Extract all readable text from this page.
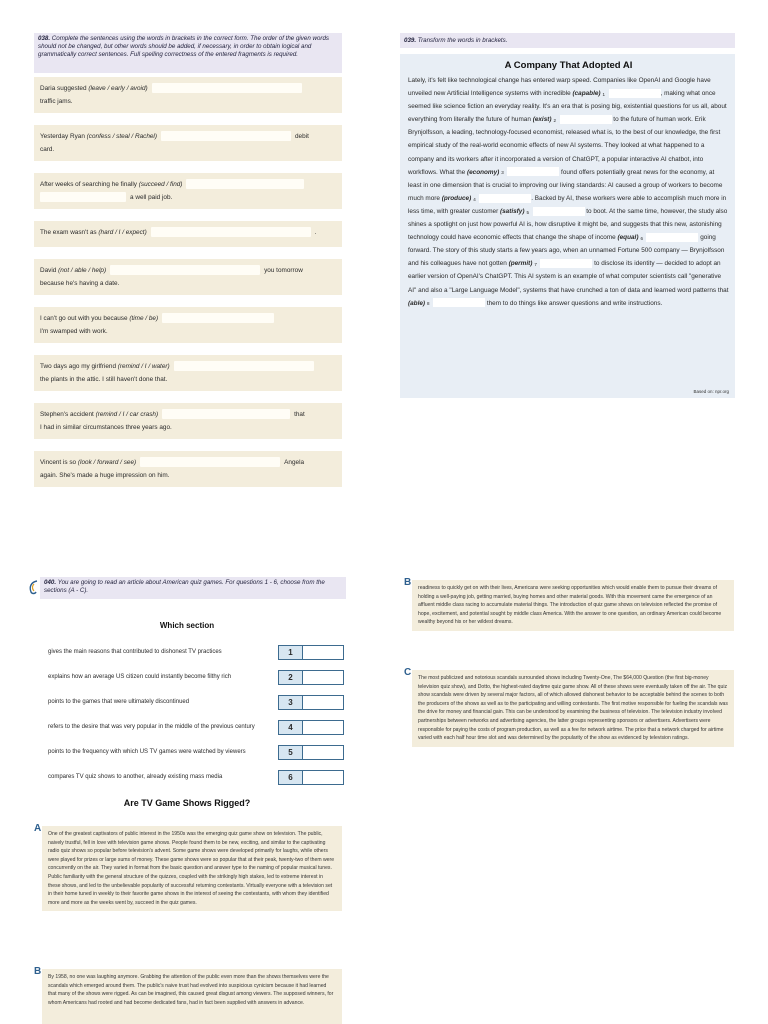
038. Complete the sentences using the words in brackets in the correct form. The order of the given words should not be changed, but other words should be added, if necessary, in order to obtain logical and grammatically correct sentences. Full spelling correctness of the entered fragments is required.
Daria suggested (leave / early / avoid)
traffic jams.
Yesterday Ryan (confess / steal / Rachel)	debit
card.
After weeks of searching he finally (succeed / find)
a well paid job.
The exam wasn't as (hard / I / expect)	.
David (not / able / help)	you tomorrow
because he's having a date.
I can't go out with you because (time / be)
I'm swamped with work.
Two days ago my girlfriend (remind / I / water)
the plants in the attic. I still haven't done that.
Stephen's accident (remind / I / car crash)	that
I had in similar circumstances three years ago.
Vincent is so (look / forward / see)	Angela
again. She's made a huge impression on him.
039. Transform the words in brackets.
A Company That Adopted AI
Lately, it's felt like technological change has entered warp speed. Companies like OpenAI and Google have unveiled new Artificial Intelligence systems with incredible (capable) 1	, making what once seemed like science fiction an everyday reality. It's an era that is posing big, existential questions for us all, about everything from literally the future of human (exist) 2	to the future of human work. Erik Brynjolfsson, a leading, technology-focused economist, released what is, to the best of our knowledge, the first empirical study of the real-world economic effects of new AI systems. They looked at what happened to a company and its workers after it incorporated a version of ChatGPT, a popular interactive AI chatbot, into workflows. What the (economy) 3	found offers potentially great news for the economy, at least in one dimension that is crucial to improving our living standards: AI caused a group of workers to become much more (produce) 4	. Backed by AI, these workers were able to accomplish much more in less time, with greater customer (satisfy) 5	to boot. At the same time, however, the study also shines a spotlight on just how powerful AI is, how disruptive it might be, and suggests that this new, astonishing technology could have economic effects that change the shape of income (equal) 6	going forward. The story of this study starts a few years ago, when an unnamed Fortune 500 company — Brynjolfsson and his colleagues have not gotten (permit) 7	to disclose its identity — decided to adopt an earlier version of OpenAI's ChatGPT. This AI system is an example of what computer scientists call "generative AI" and also a "Large Language Model", systems that have crunched a ton of data and learned word patterns that (able) 8	them to do things like answer questions and write instructions.
Based on: npr.org
040. You are going to read an article about American quiz games. For questions 1 - 6, choose from the sections (A - C).
Which section
gives the main reasons that contributed to dishonest TV practices	1
explains how an average US citizen could instantly become filthy rich	2
points to the games that were ultimately discontinued	3
refers to the desire that was very popular in the middle of the previous century	4
points to the frequency with which US TV games were watched by viewers	5
compares TV quiz shows to another, already existing mass media	6
Are TV Game Shows Rigged?
A	One of the greatest captivators of public interest in the 1950s was the emerging quiz game show on television. The public, naively trustful, fell in love with television game shows. People found them to be new, exciting, and similar to the captivating radio quiz shows so popular before television's advent. Some game shows were developed primarily for laughs, while others were played for prizes or large sums of money. These game shows were so popular that at their peak, twenty-two of them were concurrently on the air. They varied in format from the basic question and answer type to the naming of popular musical tunes. Public familiarity with the general structure of the quizzes, coupled with the strikingly high stakes, led to extreme interest in these shows, and led to the unbelievable popularity of successful returning contestants. Virtually everyone with a television set in their home tuned in weekly to their favorite game shows in the interest of seeing the contestants, with whom they identified more and more as the weeks went by, succeed in the quiz games.
B	By 1958, no one was laughing anymore. Grabbing the attention of the public even more than the shows themselves were the scandals which emerged around them. The public's naive trust had evolved into suspicious cynicism because it had learned that many of the shows were rigged. As can be imagined, this caused great disgust among viewers. The supposed winners, for whom Americans had rooted and had become dedicated fans, had in fact been supplied with answers in advance.
B	readiness to quickly get on with their lives, Americans were seeking opportunities which would enable them to pursue their dreams of holding a well-paying job, getting married, buying homes and other material goods. With this movement came the emergence of an affluent middle class racing to accumulate material things. The introduction of quiz game shows on television reflected the promise of hope, excitement, and potential sought by middle class America. With the answer to one question, an ordinary American could become wealthy beyond his or her wildest dreams.
C	The most publicized and notorious scandals surrounded shows including Twenty-One, The $64,000 Question (the first big-money television quiz show), and Dotto, the highest-rated daytime quiz game show. All of these shows were eventually taken off the air. The quiz show scandals were driven by several major factors, all of which allowed dishonest behavior to be acceptable behind the scenes to both the producers of the shows as well as to the participating and willing contestants. The first motive responsible for fueling the scandals was the drive for money and financial gain. This can be understood by examining the business of television. The television industry involved partnerships between networks and advertising agencies, the latter groups representing sponsors or advertisers. Advertisers were responsible for paying the costs of program production, as well as a fee for network airtime. The price that a network charged for airtime varied with each half hour time slot and was determined by the popularity of the show as evidenced by television ratings.
